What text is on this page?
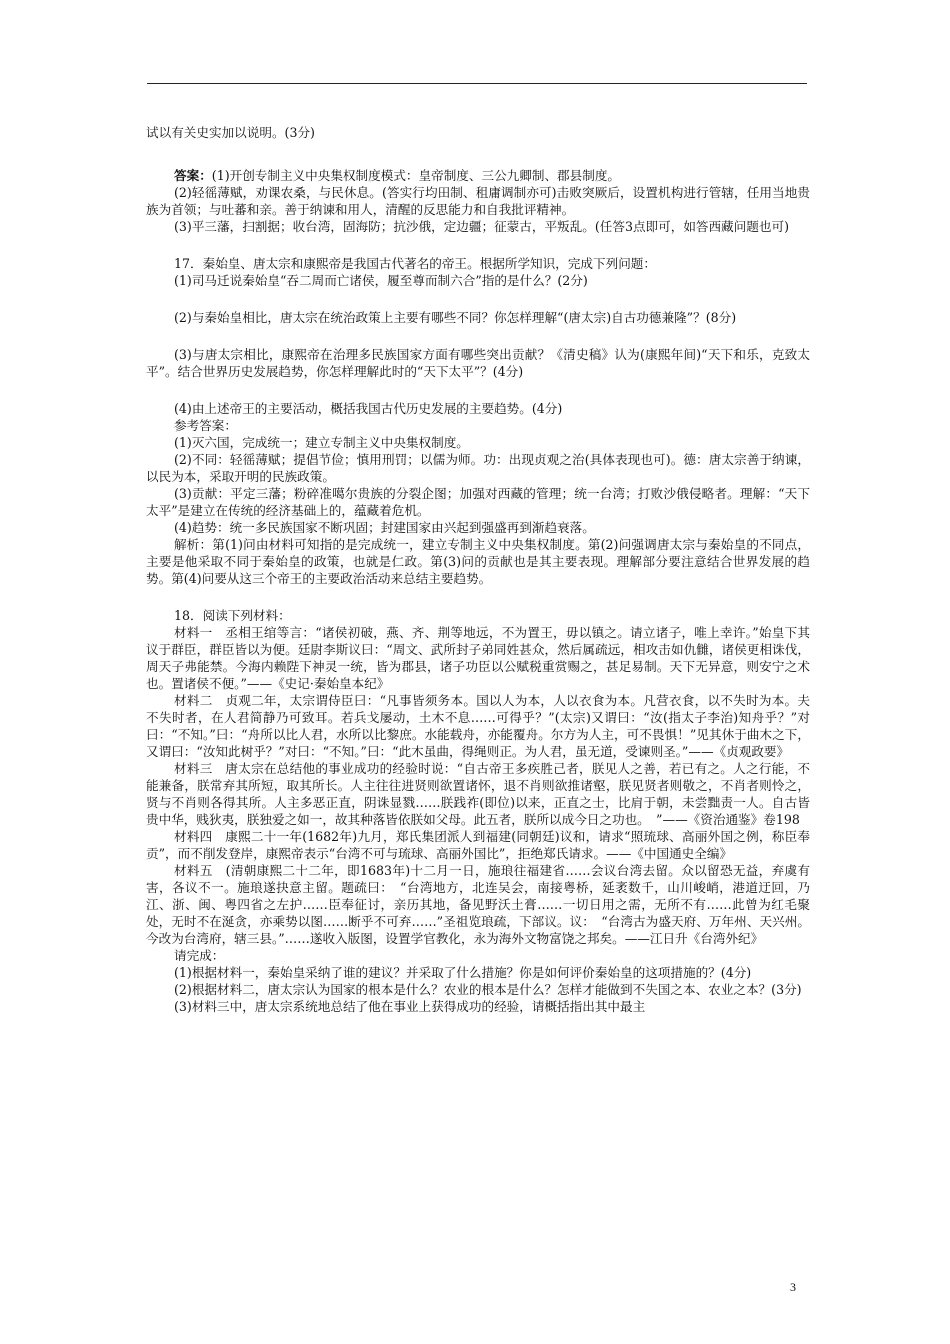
试以有关史实加以说明。(3分)

答案：(1)开创专制主义中央集权制度模式：皇帝制度、三公九卿制、郡县制度。

(2)轻徭薄赋，劝课农桑，与民休息。(答实行均田制、租庸调制亦可)击败突厥后，设置机构进行管辖，任用当地贵族为首领；与吐蕃和亲。善于纳谏和用人，清醒的反思能力和自我批评精神。

(3)平三藩，扫割据；收台湾，固海防；抗沙俄，定边疆；征蒙古，平叛乱。(任答3点即可，如答西藏问题也可)

17．秦始皇、唐太宗和康熙帝是我国古代著名的帝王。根据所学知识，完成下列问题：

(1)司马迁说秦始皇“吞二周而亡诸侯，履至尊而制六合”指的是什么？(2分)

(2)与秦始皇相比，唐太宗在统治政策上主要有哪些不同？你怎样理解“(唐太宗)自古功德兼隆”？(8分)

(3)与唐太宗相比，康熙帝在治理多民族国家方面有哪些突出贡献？《清史稿》认为(康熙年间)“天下和乐，克致太平”。结合世界历史发展趋势，你怎样理解此时的“天下太平”？(4分)

(4)由上述帝王的主要活动，概括我国古代历史发展的主要趋势。(4分)

参考答案：

(1)灭六国，完成统一；建立专制主义中央集权制度。

(2)不同：轻徭薄赋；提倡节俭；慎用刑罚；以儒为师。功：出现贞观之治(具体表现也可)。德：唐太宗善于纳谏，以民为本，采取开明的民族政策。

(3)贡献：平定三藩；粉碎准噶尔贵族的分裂企图；加强对西藏的管理；统一台湾；打败沙俄侵略者。理解：“天下太平”是建立在传统的经济基础上的，蕴藏着危机。

(4)趋势：统一多民族国家不断巩固；封建国家由兴起到强盛再到渐趋衰落。

解析：第(1)问由材料可知指的是完成统一，建立专制主义中央集权制度。第(2)问强调唐太宗与秦始皇的不同点，主要是他采取不同于秦始皇的政策，也就是仁政。第(3)问的贡献也是其主要表现。理解部分要注意结合世界发展的趋势。第(4)问要从这三个帝王的主要政治活动来总结主要趋势。

18．阅读下列材料：

材料一　丞相王绾等言：“诸侯初破，燕、齐、荆等地远，不为置王，毋以镇之。请立诸子，唯上幸许。”始皇下其议于群臣，群臣皆以为便。廷尉李斯议曰：“周文、武所封子弟同姓甚众，然后属疏远，相攻击如仇雠，诸侯更相诛伐，周天子弗能禁。今海内赖陛下神灵一统，皆为郡县，诸子功臣以公赋税重赏赐之，甚足易制。天下无异意，则安宁之术也。置诸侯不便。”——《史记·秦始皇本纪》

材料二　贞观二年，太宗谓侍臣曰：“凡事皆须务本。国以人为本，人以衣食为本。凡营衣食，以不失时为本。夫不失时者，在人君简静乃可致耳。若兵戈屡动，土木不息……可得乎？”(太宗)又谓曰：“汝(指太子李治)知舟乎？”对曰：“不知。”曰：“舟所以比人君，水所以比黎庶。水能载舟，亦能覆舟。尔方为人主，可不畏惧！”见其休于曲木之下，又谓曰：“汝知此树乎？”对曰：“不知。”曰：“此木虽曲，得绳则正。为人君，虽无道，受谏则圣。”——《贞观政要》

材料三　唐太宗在总结他的事业成功的经验时说：“自古帝王多疾胜己者，朕见人之善，若已有之。人之行能，不能兼备，朕常弃其所短，取其所长。人主往往进贤则欲置诸怀，退不肖则欲推诸壑，朕见贤者则敬之，不肖者则怜之，贤与不肖则各得其所。人主多恶正直，阴诛显戮……朕践祚(即位)以来，正直之士，比肩于朝，未尝黜责一人。自古皆贵中华，贱狄夷，朕独爱之如一，故其种落皆依朕如父母。此五者，朕所以成今日之功也。　”——《资治通鉴》卷198

材料四　康熙二十一年(1682年)九月，郑氏集团派人到福建(同朝廷)议和，请求“照琉球、高丽外国之例，称臣奉贡”，而不削发登岸，康熙帝表示“台湾不可与琉球、高丽外国比”，拒绝郑氏请求。——《中国通史全编》

材料五　(清朝康熙二十二年，即1683年)十二月一日，施琅往福建省……会议台湾去留。众以留恐无益，弃虞有害，各议不一。施琅遂抉意主留。题疏曰：　“台湾地方，北连吴会，南接粤桥，延袤数千，山川峻峭，港道迂回，乃江、浙、闽、粤四省之左护……臣奉征讨，亲历其地，备见野沃土膏……一切日用之需，无所不有……此曾为红毛聚处，无时不在涎贪，亦乘势以图……断乎不可弃……”圣祖览琅疏，下部议。议：　“台湾古为盛天府、万年州、天兴州。今改为台湾府，辖三县。”……遂收入版图，设置学官教化，永为海外文物富饶之邦矣。——江日升《台湾外纪》

请完成：

(1)根据材料一，秦始皇采纳了谁的建议？并采取了什么措施？你是如何评价秦始皇的这项措施的？(4分)

(2)根据材料二，唐太宗认为国家的根本是什么？农业的根本是什么？怎样才能做到不失国之本、农业之本？(3分)

(3)材料三中，唐太宗系统地总结了他在事业上获得成功的经验，请概括指出其中最主

3
